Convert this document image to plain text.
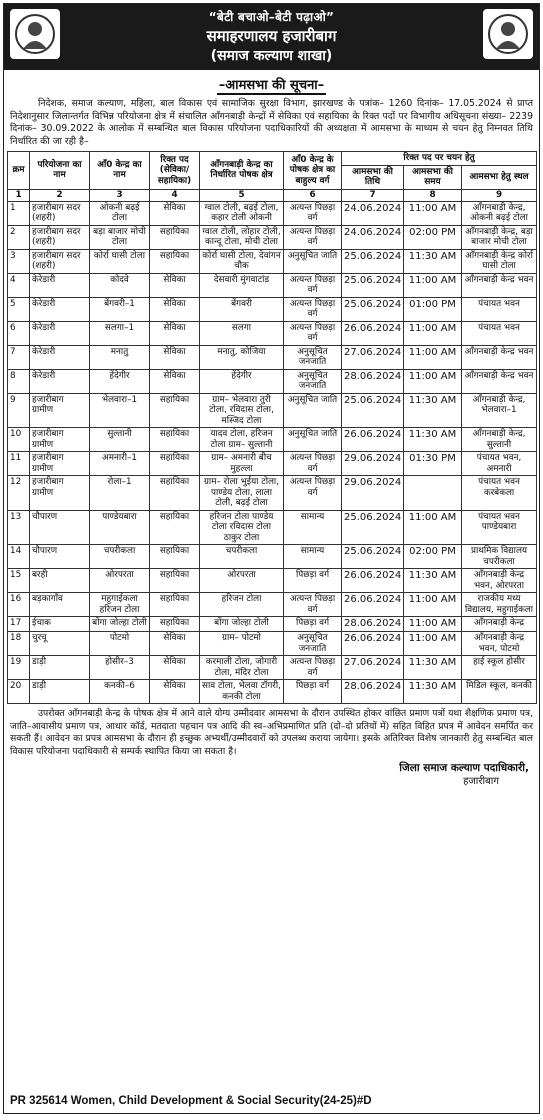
“बेटी बचाओ–बेटी पढ़ाओ”
समाहरणालय हजारीबाग
(समाज कल्याण शाखा)
–आमसभा की सूचना–
निदेशक, समाज कल्याण, महिला, बाल विकास एवं सामाजिक सुरक्षा विभाग, झारखण्ड के पत्रांक– 1260 दिनांक– 17.05.2024 से प्राप्त निदेशानुसार जिलान्तर्गत विभिन्न परियोजना क्षेत्र में संचालित आँगनबाड़ी केन्द्रों में सेविका एवं सहायिका के रिक्त पदों पर विभागीय अधिसूचना संख्या– 2239 दिनांक– 30.09.2022 के आलोक में सम्बन्धित बाल विकास परियोजना पदाधिकारियों की अध्यक्षता में आमसभा के माध्यम से चयन हेतु निम्नवत तिथि निर्धारित की जा रही है–
क्रम	परियोजना का नाम	आँ0 केन्द्र का नाम	रिक्त पद (सेविका/ सहायिका)	आँगनबाड़ी केन्द्र का निर्धारित पोषक क्षेत्र	आँ0 केन्द्र के पोषक क्षेत्र का बाहुल्य वर्ग	रिक्त पद पर चयन हेतु		
						आमसभा की तिथि	आमसभा की समय	आमसभा हेतु स्थल
1	2	3	4	5	6	7	8	9
1	हजारीबाग सदर (शहरी)	ओकनी बढ़ई टोला	सेविका	ग्वाल टोली, बढ़ई टोला, कहार टोली ओकनी	अत्यन्त पिछड़ा वर्ग	24.06.2024	11:00 AM	आँगनबाड़ी केन्द्र, ओकनी बढ़ई टोला
2	हजारीबाग सदर (शहरी)	बड़ा बाजार मोची टोला	सहायिका	ग्वाल टोली, लोहार टोली, कान्दू टोला, मोची टोला	अत्यन्त पिछड़ा वर्ग	24.06.2024	02:00 PM	आँगनबाड़ी केन्द्र, बड़ा बाजार मोची टोला
3	हजारीबाग सदर (शहरी)	कोर्रा घासी टोला	सहायिका	कोर्रा घासी टोला, देवांगन चौक	अनुसूचित जाति	25.06.2024	11:30 AM	आँगनबाड़ी केन्द्र कोर्रा घासी टोला
4	केरेडारी	कोदवे	सेविका	देसवारी मुंगवाटांड	अत्यन्त पिछड़ा वर्ग	25.06.2024	11:00 AM	आँगनबाड़ी केन्द्र भवन
5	केरेडारी	बेंगवरी–1	सेविका	बेंगवरी	अत्यन्त पिछड़ा वर्ग	25.06.2024	01:00 PM	पंचायत भवन
6	केरेडारी	सलगा–1	सेविका	सलगा	अत्यन्त पिछड़ा वर्ग	26.06.2024	11:00 AM	पंचायत भवन
7	केरेडारी	मनातु	सेविका	मनातु, कोजिया	अनुसूचित जनजाति	27.06.2024	11:00 AM	आँगनबाड़ी केन्द्र भवन
8	केरेडारी	हेंदेगीर	सेविका	हेंदेगीर	अनुसूचित जनजाति	28.06.2024	11:00 AM	आँगनबाड़ी केन्द्र भवन
9	हजारीबाग ग्रामीण	भेलवारा–1	सहायिका	ग्राम– भेलवारा तुरी टोला, रविदास टोला, मस्जिद टोला	अनुसूचित जाति	25.06.2024	11:30 AM	आँगनबाड़ी केन्द्र, भेलवारा–1
10	हजारीबाग ग्रामीण	सुल्तानी	सहायिका	यादव टोला, हरिजन टोला ग्राम– सुल्तानी	अनुसूचित जाति	26.06.2024	11:30 AM	आँगनबाड़ी केन्द्र, सुल्तानी
11	हजारीबाग ग्रामीण	अमनारी–1	सहायिका	ग्राम– अमनारी बीच मुहल्ला	अत्यन्त पिछड़ा वर्ग	29.06.2024	01:30 PM	पंचायत भवन, अमनारी
12	हजारीबाग ग्रामीण	रोला–1	सहायिका	ग्राम– रोला भुईया टोला, पाण्डेय टोला, लाला टोली, बढ़ई टोला	अत्यन्त पिछड़ा वर्ग	29.06.2024		पंचायत भवन करबेकला
13	चौपारण	पाण्डेयबारा	सहायिका	हरिजन टोला पाण्डेय टोला रविदास टोला ठाकुर टोला	सामान्य	25.06.2024	11:00 AM	पंचायत भवन पाण्डेयबारा
14	चौपारण	चपरीकला	सहायिका	चपरीकला	सामान्य	25.06.2024	02:00 PM	प्राथमिक विद्यालय चपरीकला
15	बरही	ओरपरता	सहायिका	ओरपरता	पिछड़ा वर्ग	26.06.2024	11:30 AM	आँगनबाड़ी केन्द्र भवन, ओरपरता
16	बड़कागाँव	महुगाईकला हरिजन टोला	सहायिका	हरिजन टोला	अत्यन्त पिछड़ा वर्ग	26.06.2024	11:00 AM	राजकीय मध्य विद्यालय, महुगाईकला
17	ईचाक	बोंगा जोल्हा टोली	सहायिका	बोंगा जोल्हा टोली	पिछड़ा वर्ग	28.06.2024	11:00 AM	आँगनबाड़ी केन्द्र
18	चुरचू	पोटमो	सेविका	ग्राम– पोटमो	अनुसूचित जनजाति	26.06.2024	11:00 AM	आँगनबाड़ी केन्द्र भवन, पोटमो
19	डाड़ी	होसीर–3	सेविका	करमाली टोला, जोगारी टोला, मंदिर टोला	अत्यन्त पिछड़ा वर्ग	27.06.2024	11:30 AM	हाई स्कूल होसीर
20	डाड़ी	कनकी–6	सेविका	साव टोला, भेलवा टॉगरी, कनकी टोला	पिछड़ा वर्ग	28.06.2024	11:30 AM	मिडिल स्कूल, कनकी
उपरोक्त आँगनबाड़ी केन्द्र के पोषक क्षेत्र में आने वाले योग्य उम्मीदवार आमसभा के दौरान उपस्थित होकर वांछित प्रमाण पत्रों यथा शैक्षणिक प्रमाण पत्र, जाति–आवासीय प्रमाण पत्र, आधार कॉर्ड, मतदाता पहचान पत्र आदि की स्व–अभिप्रमाणित प्रति (दो–दो प्रतियों में) सहित विहित प्रपत्र में आवेदन समर्पित कर सकती हैं। आवेदन का प्रपत्र आमसभा के दौरान ही इच्छुक अभ्यर्थी/उम्मीदवारों को उपलब्ध कराया जायेगा। इसके अतिरिक्त विशेष जानकारी हेतु सम्बन्धित बाल विकास परियोजना पदाधिकारी से सम्पर्क स्थापित किया जा सकता है।
जिला समाज कल्याण पदाधिकारी,
हजारीबाग
PR 325614 Women, Child Development & Social Security(24-25)#D
